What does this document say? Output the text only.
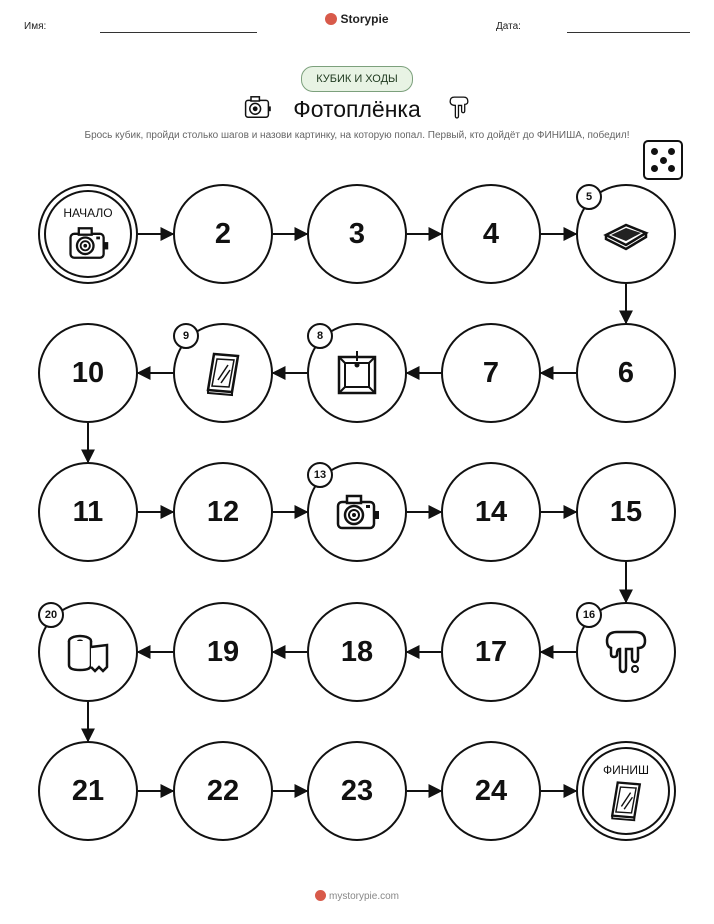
Имя:
Storypie
Дата:
КУБИК И ХОДЫ
Фотоплёнка
Брось кубик, пройди столько шагов и назови картинку, на которую попал. Первый, кто дойдёт до ФИНИША, победил!
НАЧАЛО
2	3	4
5
6
7
8
9
10
11	12
13
14	15
16
17
18
19
20
21	22	23	24
ФИНИШ
mystorypie.com
